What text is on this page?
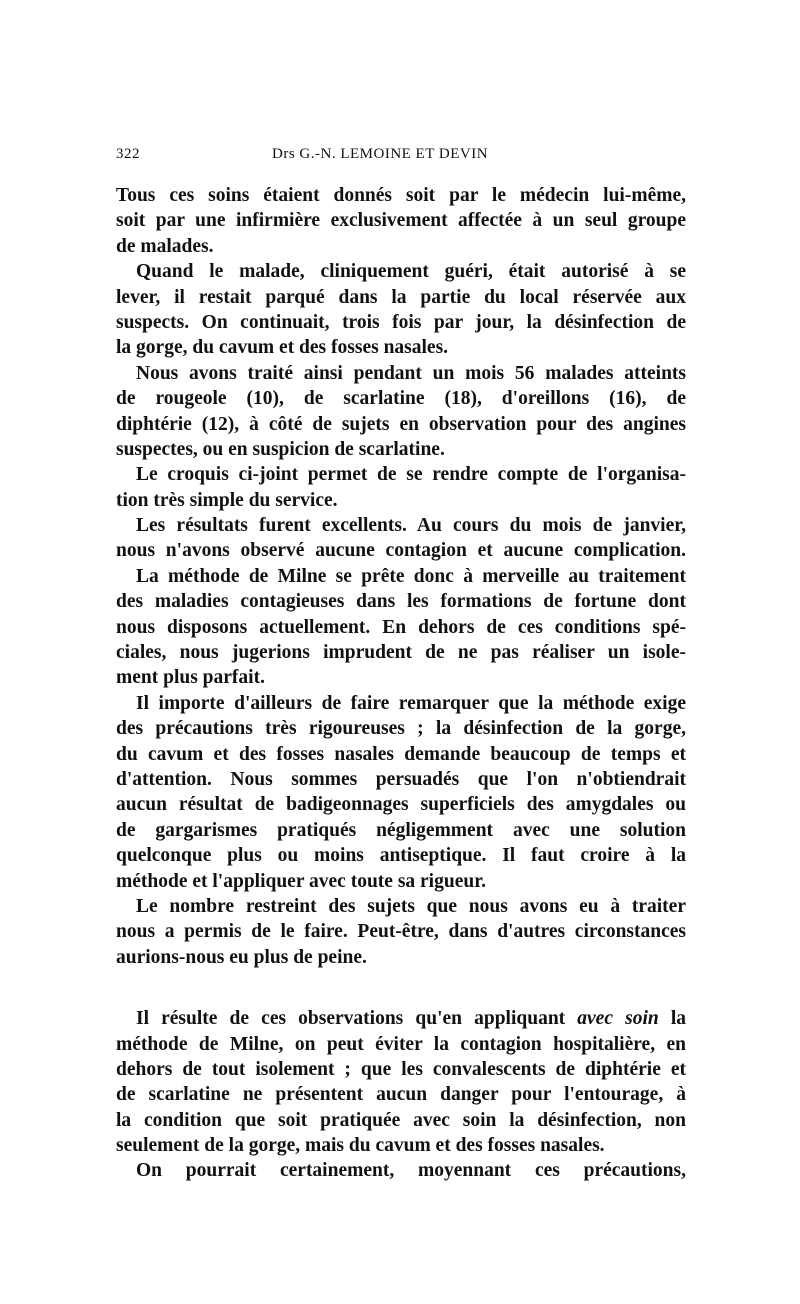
322	Drs G.-N. LEMOINE ET DEVIN
Tous ces soins étaient donnés soit par le médecin lui-même,
soit par une infirmière exclusivement affectée à un seul groupe
de malades.
Quand le malade, cliniquement guéri, était autorisé à se
lever, il restait parqué dans la partie du local réservée aux
suspects. On continuait, trois fois par jour, la désinfection de
la gorge, du cavum et des fosses nasales.
Nous avons traité ainsi pendant un mois 56 malades atteints
de rougeole (10), de scarlatine (18), d'oreillons (16), de
diphtérie (12), à côté de sujets en observation pour des angines
suspectes, ou en suspicion de scarlatine.
Le croquis ci-joint permet de se rendre compte de l'organisa-
tion très simple du service.
Les résultats furent excellents. Au cours du mois de janvier,
nous n'avons observé aucune contagion et aucune complication.
La méthode de Milne se prête donc à merveille au traitement
des maladies contagieuses dans les formations de fortune dont
nous disposons actuellement. En dehors de ces conditions spé-
ciales, nous jugerions imprudent de ne pas réaliser un isole-
ment plus parfait.
Il importe d'ailleurs de faire remarquer que la méthode exige
des précautions très rigoureuses ; la désinfection de la gorge,
du cavum et des fosses nasales demande beaucoup de temps et
d'attention. Nous sommes persuadés que l'on n'obtiendrait
aucun résultat de badigeonnages superficiels des amygdales ou
de gargarismes pratiqués négligemment avec une solution
quelconque plus ou moins antiseptique. Il faut croire à la
méthode et l'appliquer avec toute sa rigueur.
Le nombre restreint des sujets que nous avons eu à traiter
nous a permis de le faire. Peut-être, dans d'autres circonstances
aurions-nous eu plus de peine.
Il résulte de ces observations qu'en appliquant avec soin la
méthode de Milne, on peut éviter la contagion hospitalière, en
dehors de tout isolement ; que les convalescents de diphtérie et
de scarlatine ne présentent aucun danger pour l'entourage, à
la condition que soit pratiquée avec soin la désinfection, non
seulement de la gorge, mais du cavum et des fosses nasales.
On pourrait certainement, moyennant ces précautions,
